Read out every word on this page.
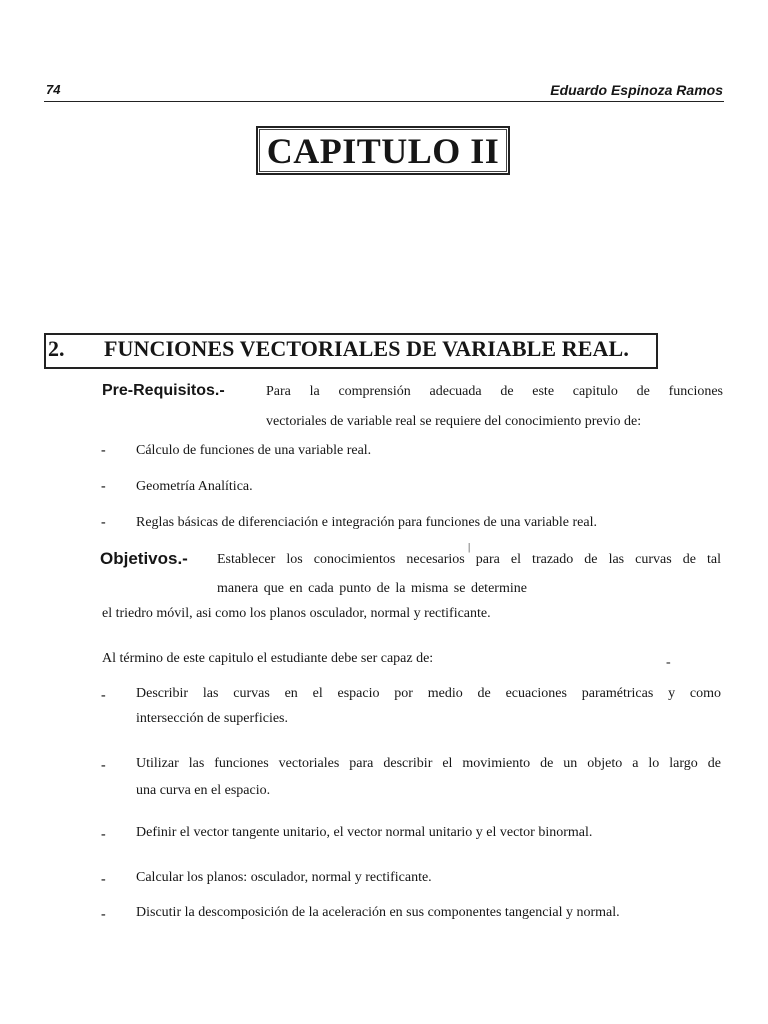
74	Eduardo Espinoza Ramos
CAPITULO II
2. FUNCIONES VECTORIALES DE VARIABLE REAL.
Pre-Requisitos.-	Para la comprensión adecuada de este capitulo de funciones
vectoriales de variable real se requiere del conocimiento previo de:
- Cálculo de funciones de una variable real.
- Geometría Analítica.
- Reglas básicas de diferenciación e integración para funciones de una variable real.
Objetivos.-
|
Establecer los conocimientos necesarios para el trazado de las curvas de tal
manera que en cada punto de la misma se determine
el triedro móvil, asi como los planos osculador, normal y rectificante.
Al término de este capitulo el estudiante debe ser capaz de:	-
- Describir las curvas en el espacio por medio de ecuaciones paramétricas y como
intersección de superficies.
- Utilizar las funciones vectoriales para describir el movimiento de un objeto a lo largo de
una curva en el espacio.
- Definir el vector tangente unitario, el vector normal unitario y el vector binormal.
- Calcular los planos: osculador, normal y rectificante.
- Discutir la descomposición de la aceleración en sus componentes tangencial y normal.
